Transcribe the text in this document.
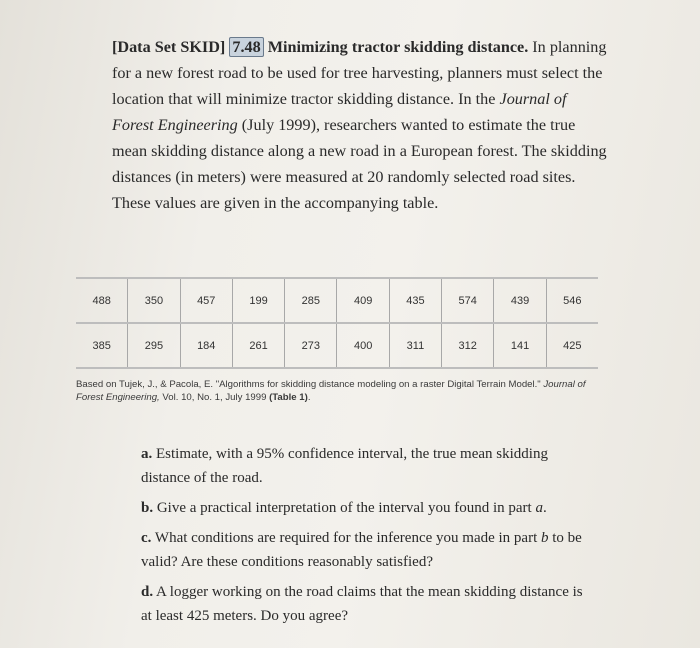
[Data Set SKID] 7.48 Minimizing tractor skidding distance. In planning for a new forest road to be used for tree harvesting, planners must select the location that will minimize tractor skidding distance. In the Journal of Forest Engineering (July 1999), researchers wanted to estimate the true mean skidding distance along a new road in a European forest. The skidding distances (in meters) were measured at 20 randomly selected road sites. These values are given in the accompanying table.
488	350	457	199	285	409	435	574	439	546
385	295	184	261	273	400	311	312	141	425
Based on Tujek, J., & Pacola, E. "Algorithms for skidding distance modeling on a raster Digital Terrain Model." Journal of Forest Engineering, Vol. 10, No. 1, July 1999 (Table 1).

a. Estimate, with a 95% confidence interval, the true mean skidding distance of the road.

b. Give a practical interpretation of the interval you found in part a.

c. What conditions are required for the inference you made in part b to be valid? Are these conditions reasonably satisfied?

d. A logger working on the road claims that the mean skidding distance is at least 425 meters. Do you agree?
